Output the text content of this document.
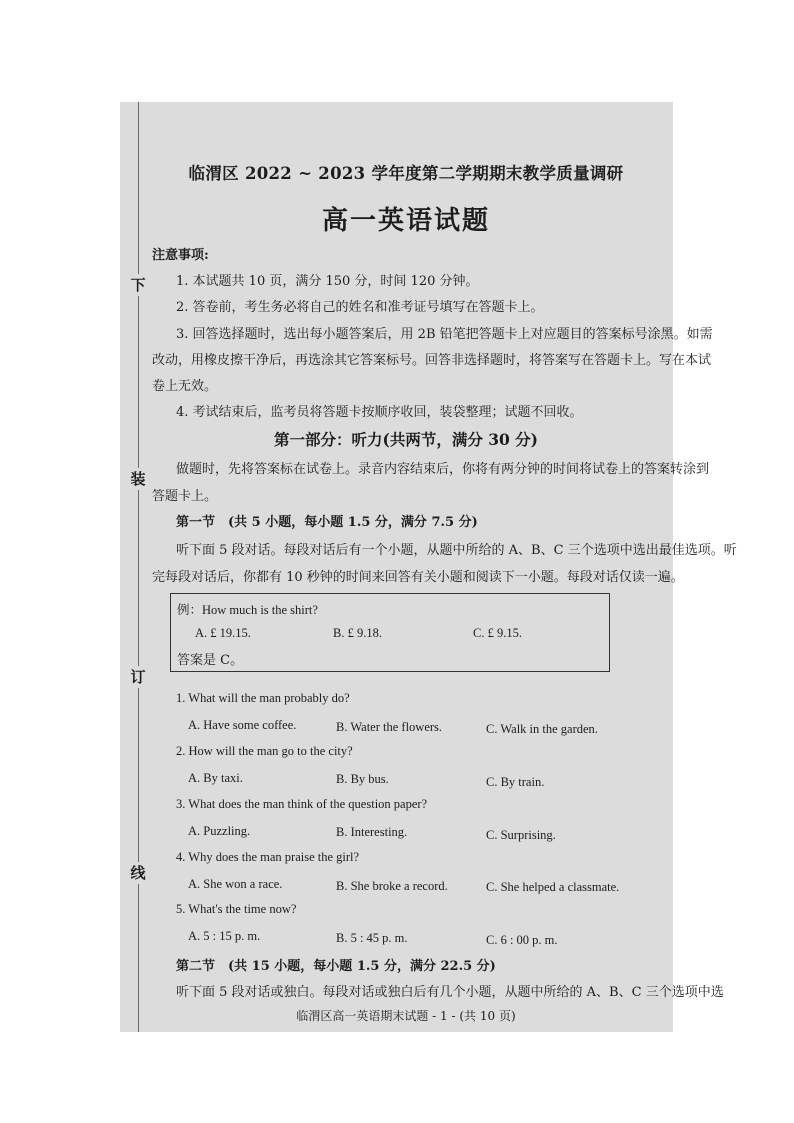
下
装
订
线
临渭区 2022 ~ 2023 学年度第二学期期末教学质量调研
高一英语试题
注意事项:
1. 本试题共 10 页，满分 150 分，时间 120 分钟。
2. 答卷前，考生务必将自己的姓名和准考证号填写在答题卡上。
3. 回答选择题时，选出每小题答案后，用 2B 铅笔把答题卡上对应题目的答案标号涂黑。如需
改动，用橡皮擦干净后，再选涂其它答案标号。回答非选择题时，将答案写在答题卡上。写在本试
卷上无效。
4. 考试结束后，监考员将答题卡按顺序收回，装袋整理；试题不回收。
第一部分：听力(共两节，满分 30 分)
做题时，先将答案标在试卷上。录音内容结束后，你将有两分钟的时间将试卷上的答案转涂到
答题卡上。
第一节　(共 5 小题，每小题 1.5 分，满分 7.5 分)
听下面 5 段对话。每段对话后有一个小题，从题中所给的 A、B、C 三个选项中选出最佳选项。听
完每段对话后，你都有 10 秒钟的时间来回答有关小题和阅读下一小题。每段对话仅读一遍。
例：How much is the shirt?
A. £ 19.15.	B. £ 9.18.	C. £ 9.15.
答案是 C。
1. What will the man probably do?
A. Have some coffee.	B. Water the flowers.	C. Walk in the garden.
2. How will the man go to the city?
A. By taxi.	B. By bus.	C. By train.
3. What does the man think of the question paper?
A. Puzzling.	B. Interesting.	C. Surprising.
4. Why does the man praise the girl?
A. She won a race.	B. She broke a record.	C. She helped a classmate.
5. What's the time now?
A. 5 : 15 p. m.	B. 5 : 45 p. m.	C. 6 : 00 p. m.
第二节　(共 15 小题，每小题 1.5 分，满分 22.5 分)
听下面 5 段对话或独白。每段对话或独白后有几个小题，从题中所给的 A、B、C 三个选项中选
临渭区高一英语期末试题 - 1 - (共 10 页)
